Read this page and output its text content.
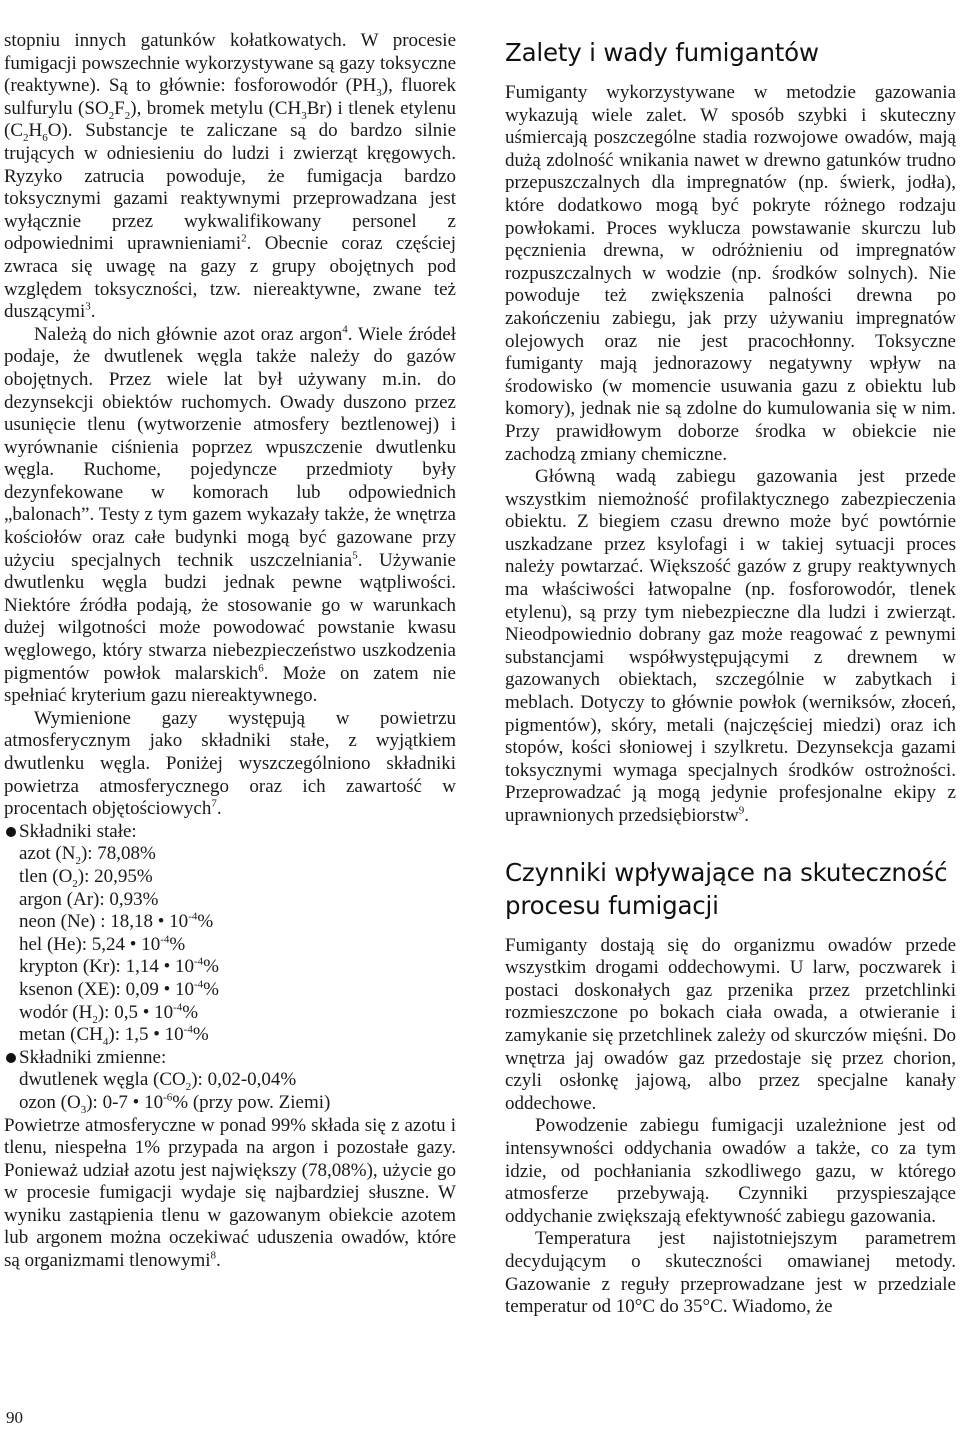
stopniu innych gatunków kołatkowatych. W procesie fumigacji powszechnie wykorzystywane są gazy toksyczne (reaktywne). Są to głównie: fosforowodór $(PH_3)$, fluorek sulfurylu $(SO_2F_2)$, bromek metylu $(CH_3Br)$ i tlenek etylenu $(C_2H_6O)$. Substancje te zaliczane są do bardzo silnie trujących w odniesieniu do ludzi i zwierząt kręgowych. Ryzyko zatrucia powoduje, że fumigacja bardzo toksycznymi gazami reaktywnymi przeprowadzana jest wyłącznie przez wykwalifikowany personel z odpowiednimi uprawnieniami$^2$. Obecnie coraz częściej zwraca się uwagę na gazy z grupy obojętnych pod względem toksyczności, tzw. niereaktywne, zwane też duszącymi$^3$.

Należą do nich głównie azot oraz argon$^4$. Wiele źródeł podaje, że dwutlenek węgla także należy do gazów obojętnych. Przez wiele lat był używany m.in. do dezynsekcji obiektów ruchomych. Owady duszono przez usunięcie tlenu (wytworzenie atmosfery beztlenowej) i wyrównanie ciśnienia poprzez wpuszczenie dwutlenku węgla. Ruchome, pojedyncze przedmioty były dezynfekowane w komorach lub odpowiednich „balonach”. Testy z tym gazem wykazały także, że wnętrza kościołów oraz całe budynki mogą być gazowane przy użyciu specjalnych technik uszczelniania$^5$. Używanie dwutlenku węgla budzi jednak pewne wątpliwości. Niektóre źródła podają, że stosowanie go w warunkach dużej wilgotności może powodować powstanie kwasu węglowego, który stwarza niebezpieczeństwo uszkodzenia pigmentów powłok malarskich$^6$. Może on zatem nie spełniać kryterium gazu niereaktywnego.

Wymienione gazy występują w powietrzu atmosferycznym jako składniki stałe, z wyjątkiem dwutlenku węgla. Poniżej wyszczególniono składniki powietrza atmosferycznego oraz ich zawartość w procentach objętościowych$^7$.

Składniki stałe:
azot $(N_2)$: 78,08%
tlen $(O_2)$: 20,95%
argon (Ar): 0,93%
neon (Ne) : 18,18 • $10^{-4}\%$
hel (He): 5,24 • $10^{-4}\%$
krypton (Kr): 1,14 • $10^{-4}\%$
ksenon (XE): 0,09 • $10^{-4}\%$
wodór $(H_2)$: 0,5 • $10^{-4}\%$
metan $(CH_4)$: 1,5 • $10^{-4}\%$
Składniki zmienne:
dwutlenek węgla $(CO_2)$: 0,02-0,04%
ozon $(O_3)$: 0-7 • $10^{-6}\%$ (przy pow. Ziemi)

Powietrze atmosferyczne w ponad 99% składa się z azotu i tlenu, niespełna 1% przypada na argon i pozostałe gazy. Ponieważ udział azotu jest największy (78,08%), użycie go w procesie fumigacji wydaje się najbardziej słuszne. W wyniku zastąpienia tlenu w gazowanym obiekcie azotem lub argonem można oczekiwać uduszenia owadów, które są organizmami tlenowymi$^8$.

Zalety i wady fumigantów

Fumiganty wykorzystywane w metodzie gazowania wykazują wiele zalet. W sposób szybki i skuteczny uśmiercają poszczególne stadia rozwojowe owadów, mają dużą zdolność wnikania nawet w drewno gatunków trudno przepuszczalnych dla impregnatów (np. świerk, jodła), które dodatkowo mogą być pokryte różnego rodzaju powłokami. Proces wyklucza powstawanie skurczu lub pęcznienia drewna, w odróżnieniu od impregnatów rozpuszczalnych w wodzie (np. środków solnych). Nie powoduje też zwiększenia palności drewna po zakończeniu zabiegu, jak przy używaniu impregnatów olejowych oraz nie jest pracochłonny. Toksyczne fumiganty mają jednorazowy negatywny wpływ na środowisko (w momencie usuwania gazu z obiektu lub komory), jednak nie są zdolne do kumulowania się w nim. Przy prawidłowym doborze środka w obiekcie nie zachodzą zmiany chemiczne.

Główną wadą zabiegu gazowania jest przede wszystkim niemożność profilaktycznego zabezpieczenia obiektu. Z biegiem czasu drewno może być powtórnie uszkadzane przez ksylofagi i w takiej sytuacji proces należy powtarzać. Większość gazów z grupy reaktywnych ma właściwości łatwopalne (np. fosforowodór, tlenek etylenu), są przy tym niebezpieczne dla ludzi i zwierząt. Nieodpowiednio dobrany gaz może reagować z pewnymi substancjami współwystępującymi z drewnem w gazowanych obiektach, szczególnie w zabytkach i meblach. Dotyczy to głównie powłok (werniksów, złoceń, pigmentów), skóry, metali (najczęściej miedzi) oraz ich stopów, kości słoniowej i szylkretu. Dezynsekcja gazami toksycznymi wymaga specjalnych środków ostrożności. Przeprowadzać ją mogą jedynie profesjonalne ekipy z uprawnionych przedsiębiorstw$^9$.

Czynniki wpływające na skuteczność procesu fumigacji

Fumiganty dostają się do organizmu owadów przede wszystkim drogami oddechowymi. U larw, poczwarek i postaci doskonałych gaz przenika przez przetchlinki rozmieszczone po bokach ciała owada, a otwieranie i zamykanie się przetchlinek zależy od skurczów mięśni. Do wnętrza jaj owadów gaz przedostaje się przez chorion, czyli osłonkę jajową, albo przez specjalne kanały oddechowe.

Powodzenie zabiegu fumigacji uzależnione jest od intensywności oddychania owadów a także, co za tym idzie, od pochłaniania szkodliwego gazu, w którego atmosferze przebywają. Czynniki przyspieszające oddychanie zwiększają efektywność zabiegu gazowania.

Temperatura jest najistotniejszym parametrem decydującym o skuteczności omawianej metody. Gazowanie z reguły przeprowadzane jest w przedziale temperatur od 10°C do 35°C. Wiadomo, że

90
